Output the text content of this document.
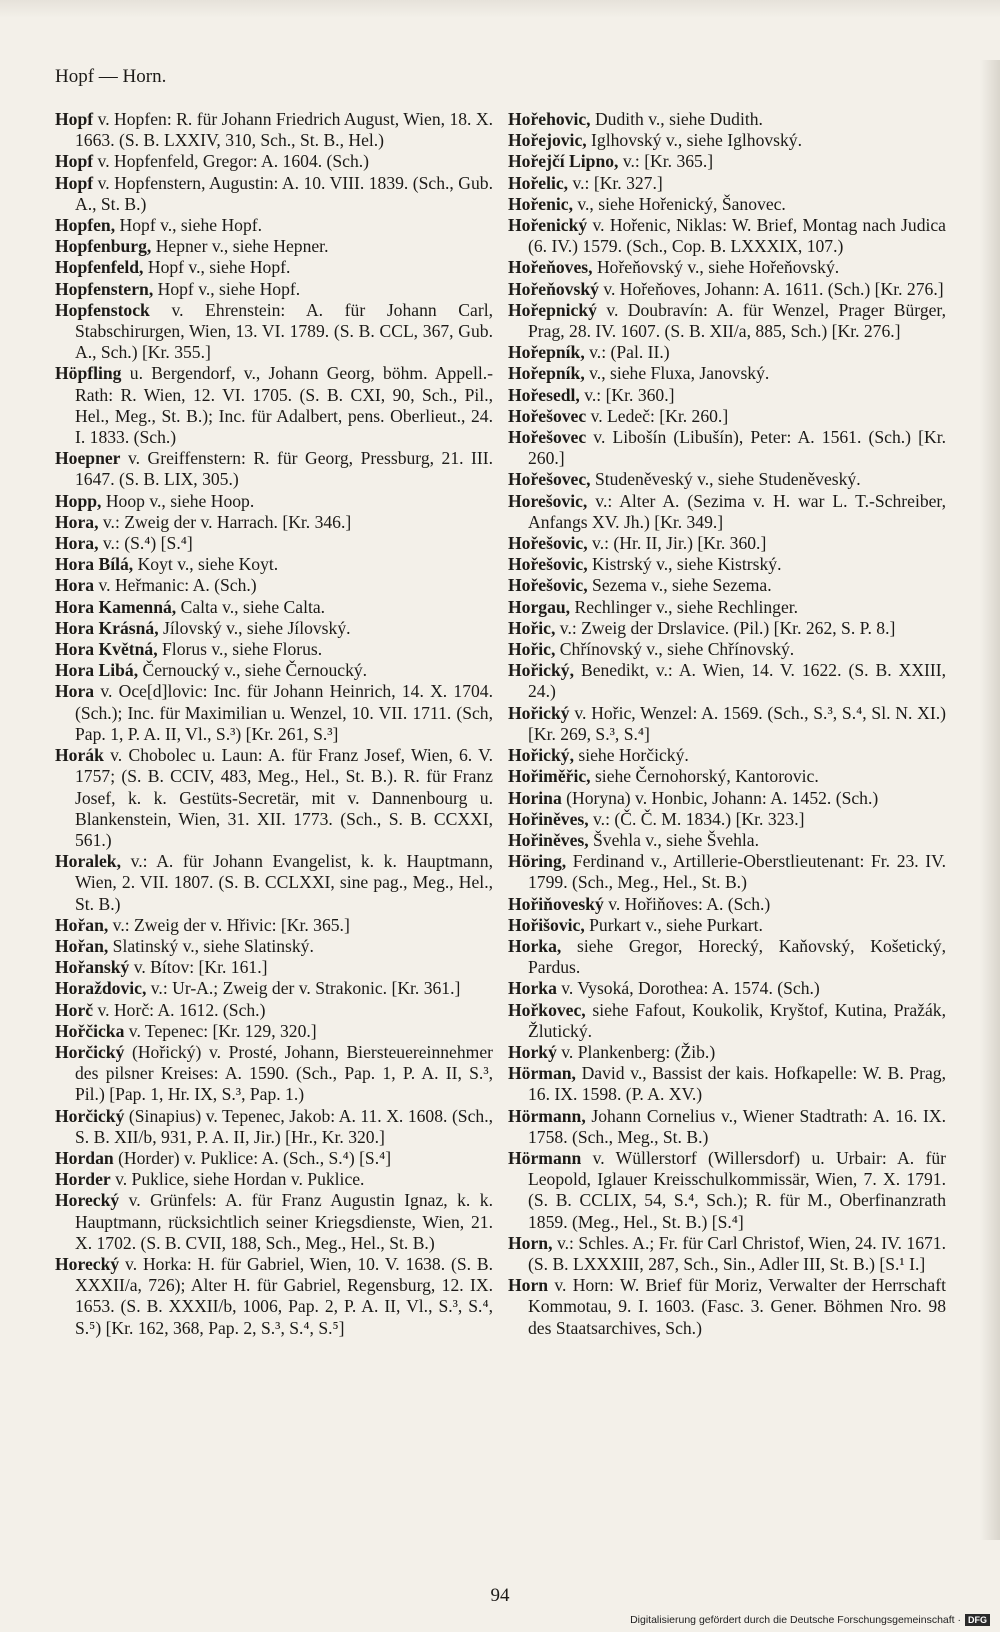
Hopf — Horn.

Hopf v. Hopfen: R. für Johann Friedrich August, Wien, 18. X. 1663. (S. B. LXXIV, 310, Sch., St. B., Hel.)

Hopf v. Hopfenfeld, Gregor: A. 1604. (Sch.)

Hopf v. Hopfenstern, Augustin: A. 10. VIII. 1839. (Sch., Gub. A., St. B.)

Hopfen, Hopf v., siehe Hopf.

Hopfenburg, Hepner v., siehe Hepner.

Hopfenfeld, Hopf v., siehe Hopf.

Hopfenstern, Hopf v., siehe Hopf.

Hopfenstock v. Ehrenstein: A. für Johann Carl, Stabschirurgen, Wien, 13. VI. 1789. (S. B. CCL, 367, Gub. A., Sch.) [Kr. 355.]

Höpfling u. Bergendorf, v., Johann Georg, böhm. Appell.-Rath: R. Wien, 12. VI. 1705. (S. B. CXI, 90, Sch., Pil., Hel., Meg., St. B.); Inc. für Adalbert, pens. Oberlieut., 24. I. 1833. (Sch.)

Hoepner v. Greiffenstern: R. für Georg, Pressburg, 21. III. 1647. (S. B. LIX, 305.)

Hopp, Hoop v., siehe Hoop.

Hora, v.: Zweig der v. Harrach. [Kr. 346.]

Hora, v.: (S.⁴) [S.⁴]

Hora Bílá, Koyt v., siehe Koyt.

Hora v. Heřmanic: A. (Sch.)

Hora Kamenná, Calta v., siehe Calta.

Hora Krásná, Jílovský v., siehe Jílovský.

Hora Květná, Florus v., siehe Florus.

Hora Libá, Černoucký v., siehe Černoucký.

Hora v. Oce[d]lovic: Inc. für Johann Heinrich, 14. X. 1704. (Sch.); Inc. für Maximilian u. Wenzel, 10. VII. 1711. (Sch, Pap. 1, P. A. II, Vl., S.³) [Kr. 261, S.³]

Horák v. Chobolec u. Laun: A. für Franz Josef, Wien, 6. V. 1757; (S. B. CCIV, 483, Meg., Hel., St. B.). R. für Franz Josef, k. k. Gestüts-Secretär, mit v. Dannenbourg u. Blankenstein, Wien, 31. XII. 1773. (Sch., S. B. CCXXI, 561.)

Horalek, v.: A. für Johann Evangelist, k. k. Hauptmann, Wien, 2. VII. 1807. (S. B. CCLXXI, sine pag., Meg., Hel., St. B.)

Hořan, v.: Zweig der v. Hřivic: [Kr. 365.]

Hořan, Slatinský v., siehe Slatinský.

Hořanský v. Bítov: [Kr. 161.]

Horaždovic, v.: Ur-A.; Zweig der v. Strakonic. [Kr. 361.]

Horč v. Horč: A. 1612. (Sch.)

Hořčicka v. Tepenec: [Kr. 129, 320.]

Horčický (Hořický) v. Prosté, Johann, Biersteuereinnehmer des pilsner Kreises: A. 1590. (Sch., Pap. 1, P. A. II, S.³, Pil.) [Pap. 1, Hr. IX, S.³, Pap. 1.)

Horčický (Sinapius) v. Tepenec, Jakob: A. 11. X. 1608. (Sch., S. B. XII/b, 931, P. A. II, Jir.) [Hr., Kr. 320.]

Hordan (Horder) v. Puklice: A. (Sch., S.⁴) [S.⁴]

Horder v. Puklice, siehe Hordan v. Puklice.

Horecký v. Grünfels: A. für Franz Augustin Ignaz, k. k. Hauptmann, rücksichtlich seiner Kriegsdienste, Wien, 21. X. 1702. (S. B. CVII, 188, Sch., Meg., Hel., St. B.)

Horecký v. Horka: H. für Gabriel, Wien, 10. V. 1638. (S. B. XXXII/a, 726); Alter H. für Gabriel, Regensburg, 12. IX. 1653. (S. B. XXXII/b, 1006, Pap. 2, P. A. II, Vl., S.³, S.⁴, S.⁵) [Kr. 162, 368, Pap. 2, S.³, S.⁴, S.⁵]

Hořehovic, Dudith v., siehe Dudith.

Hořejovic, Iglhovský v., siehe Iglhovský.

Hořejčí Lipno, v.: [Kr. 365.]

Hořelic, v.: [Kr. 327.]

Hořenic, v., siehe Hořenický, Šanovec.

Hořenický v. Hořenic, Niklas: W. Brief, Montag nach Judica (6. IV.) 1579. (Sch., Cop. B. LXXXIX, 107.)

Hořeňoves, Hořeňovský v., siehe Hořeňovský.

Hořeňovský v. Hořeňoves, Johann: A. 1611. (Sch.) [Kr. 276.]

Hořepnický v. Doubravín: A. für Wenzel, Prager Bürger, Prag, 28. IV. 1607. (S. B. XII/a, 885, Sch.) [Kr. 276.]

Hořepník, v.: (Pal. II.)

Hořepník, v., siehe Fluxa, Janovský.

Hořesedl, v.: [Kr. 360.]

Hořešovec v. Ledeč: [Kr. 260.]

Hořešovec v. Libošín (Libušín), Peter: A. 1561. (Sch.) [Kr. 260.]

Hořešovec, Studeněveský v., siehe Studeněveský.

Horešovic, v.: Alter A. (Sezima v. H. war L. T.-Schreiber, Anfangs XV. Jh.) [Kr. 349.]

Hořešovic, v.: (Hr. II, Jir.) [Kr. 360.]

Hořešovic, Kistrský v., siehe Kistrský.

Hořešovic, Sezema v., siehe Sezema.

Horgau, Rechlinger v., siehe Rechlinger.

Hořic, v.: Zweig der Drslavice. (Pil.) [Kr. 262, S. P. 8.]

Hořic, Chřínovský v., siehe Chřínovský.

Hořický, Benedikt, v.: A. Wien, 14. V. 1622. (S. B. XXIII, 24.)

Hořický v. Hořic, Wenzel: A. 1569. (Sch., S.³, S.⁴, Sl. N. XI.) [Kr. 269, S.³, S.⁴]

Hořický, siehe Horčický.

Hořiměřic, siehe Černohorský, Kantorovic.

Horina (Horyna) v. Honbic, Johann: A. 1452. (Sch.)

Hořiněves, v.: (Č. Č. M. 1834.) [Kr. 323.]

Hořiněves, Švehla v., siehe Švehla.

Höring, Ferdinand v., Artillerie-Oberstlieutenant: Fr. 23. IV. 1799. (Sch., Meg., Hel., St. B.)

Hořiňoveský v. Hořiňoves: A. (Sch.)

Hořišovic, Purkart v., siehe Purkart.

Horka, siehe Gregor, Horecký, Kaňovský, Košetický, Pardus.

Horka v. Vysoká, Dorothea: A. 1574. (Sch.)

Hořkovec, siehe Fafout, Koukolik, Kryštof, Kutina, Pražák, Žlutický.

Horký v. Plankenberg: (Žib.)

Hörman, David v., Bassist der kais. Hofkapelle: W. B. Prag, 16. IX. 1598. (P. A. XV.)

Hörmann, Johann Cornelius v., Wiener Stadtrath: A. 16. IX. 1758. (Sch., Meg., St. B.)

Hörmann v. Wüllerstorf (Willersdorf) u. Urbair: A. für Leopold, Iglauer Kreisschulkommissär, Wien, 7. X. 1791. (S. B. CCLIX, 54, S.⁴, Sch.); R. für M., Oberfinanzrath 1859. (Meg., Hel., St. B.) [S.⁴]

Horn, v.: Schles. A.; Fr. für Carl Christof, Wien, 24. IV. 1671. (S. B. LXXXIII, 287, Sch., Sin., Adler III, St. B.) [S.¹ I.]

Horn v. Horn: W. Brief für Moriz, Verwalter der Herrschaft Kommotau, 9. I. 1603. (Fasc. 3. Gener. Böhmen Nro. 98 des Staatsarchives, Sch.)

94
Digitalisierung gefördert durch die Deutsche Forschungsgemeinschaft · DFG
